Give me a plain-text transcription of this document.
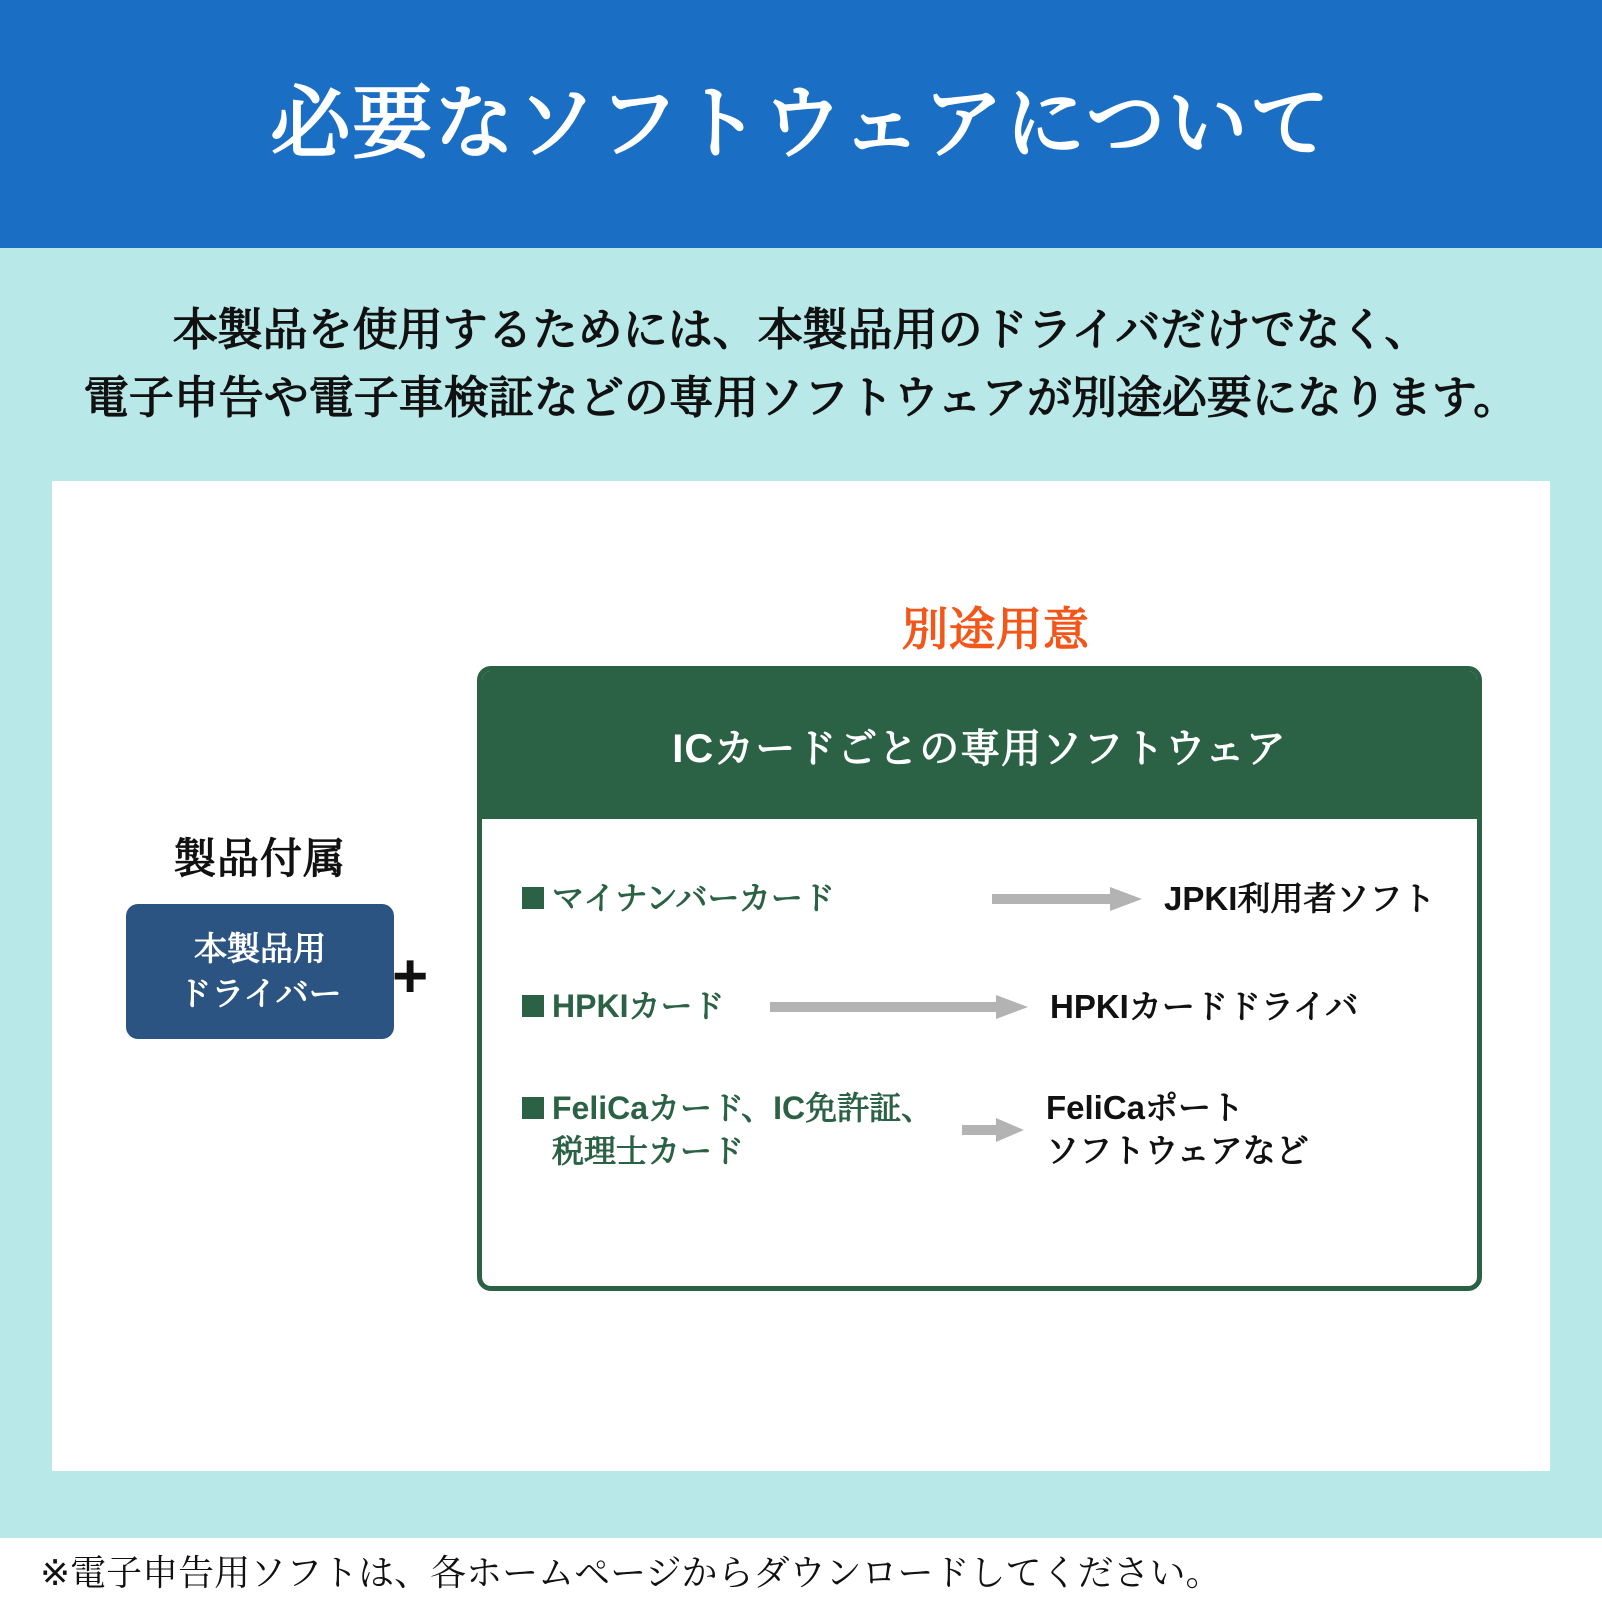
必要なソフトウェアについて
本製品を使用するためには、本製品用のドライバだけでなく、
電子申告や電子車検証などの専用ソフトウェアが別途必要になります。
別途用意
製品付属
本製品用
ドライバー +
ICカードごとの専用ソフトウェア
マイナンバーカード	JPKI利用者ソフト
HPKIカード	HPKIカードドライバ
FeliCaカード、IC免許証、
税理士カード
FeliCaポート
ソフトウェアなど
※電子申告用ソフトは、各ホームページからダウンロードしてください。
